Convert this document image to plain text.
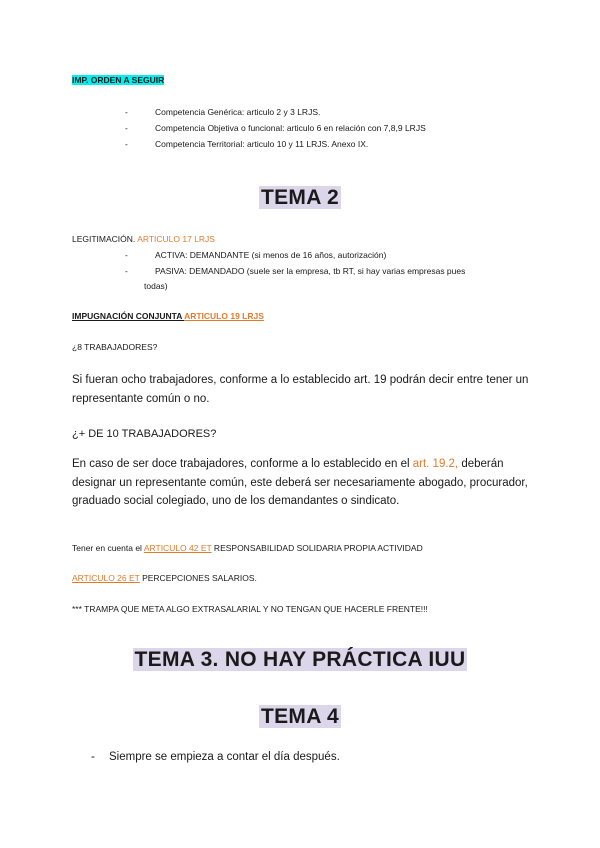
IMP. ORDEN A SEGUIR
-	Competencia Genérica: articulo 2 y 3 LRJS.
-	Competencia Objetiva o funcional: articulo 6 en relación con 7,8,9 LRJS
-	Competencia Territorial: articulo 10 y 11 LRJS. Anexo IX.
TEMA 2
LEGITIMACIÓN. ARTICULO 17 LRJS
-	ACTIVA: DEMANDANTE (si menos de 16 años, autorización)
-	PASIVA: DEMANDADO (suele ser la empresa, tb RT, si hay varias empresas pues
todas)
IMPUGNACIÓN CONJUNTA ARTICULO 19 LRJS
¿8 TRABAJADORES?
Si fueran ocho trabajadores, conforme a lo establecido art. 19 podrán decir entre tener un
representante común o no.
¿+ DE 10 TRABAJADORES?
En caso de ser doce trabajadores, conforme a lo establecido en el art. 19.2, deberán
designar un representante común, este deberá ser necesariamente abogado, procurador,
graduado social colegiado, uno de los demandantes o sindicato.
Tener en cuenta el ARTICULO 42 ET RESPONSABILIDAD SOLIDARIA PROPIA ACTIVIDAD
ARTICULO 26 ET PERCEPCIONES SALARIOS.
*** TRAMPA QUE META ALGO EXTRASALARIAL Y NO TENGAN QUE HACERLE FRENTE!!!
TEMA 3. NO HAY PRÁCTICA IUU
TEMA 4
- Siempre se empieza a contar el día después.
